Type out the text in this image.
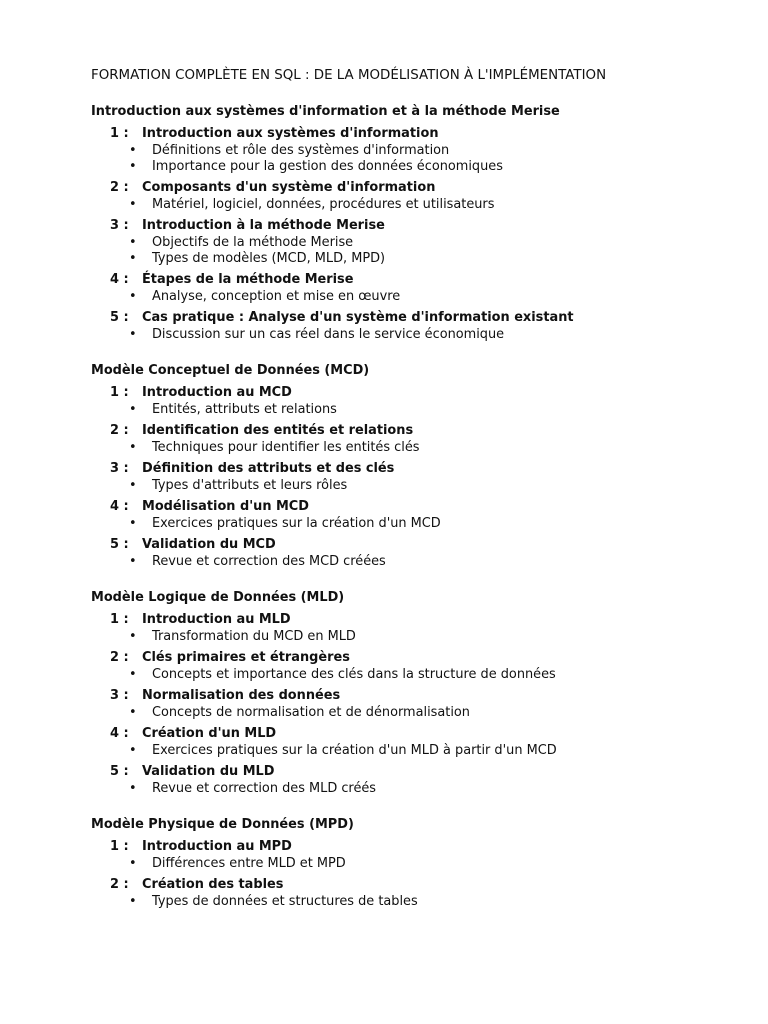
FORMATION COMPLÈTE EN SQL : DE LA MODÉLISATION À L'IMPLÉMENTATION
Introduction aux systèmes d'information et à la méthode Merise
1 :	Introduction aux systèmes d'information
•	Définitions et rôle des systèmes d'information
•	Importance pour la gestion des données économiques
2 :	Composants d'un système d'information
•	Matériel, logiciel, données, procédures et utilisateurs
3 :	Introduction à la méthode Merise
•	Objectifs de la méthode Merise
•	Types de modèles (MCD, MLD, MPD)
4 :	Étapes de la méthode Merise
•	Analyse, conception et mise en œuvre
5 :	Cas pratique : Analyse d'un système d'information existant
•	Discussion sur un cas réel dans le service économique
Modèle Conceptuel de Données (MCD)
1 :	Introduction au MCD
•	Entités, attributs et relations
2 :	Identification des entités et relations
•	Techniques pour identifier les entités clés
3 :	Définition des attributs et des clés
•	Types d'attributs et leurs rôles
4 :	Modélisation d'un MCD
•	Exercices pratiques sur la création d'un MCD
5 :	Validation du MCD
•	Revue et correction des MCD créées
Modèle Logique de Données (MLD)
1 :	Introduction au MLD
•	Transformation du MCD en MLD
2 :	Clés primaires et étrangères
•	Concepts et importance des clés dans la structure de données
3 :	Normalisation des données
•	Concepts de normalisation et de dénormalisation
4 :	Création d'un MLD
•	Exercices pratiques sur la création d'un MLD à partir d'un MCD
5 :	Validation du MLD
•	Revue et correction des MLD créés
Modèle Physique de Données (MPD)
1 :	Introduction au MPD
•	Différences entre MLD et MPD
2 :	Création des tables
•	Types de données et structures de tables
